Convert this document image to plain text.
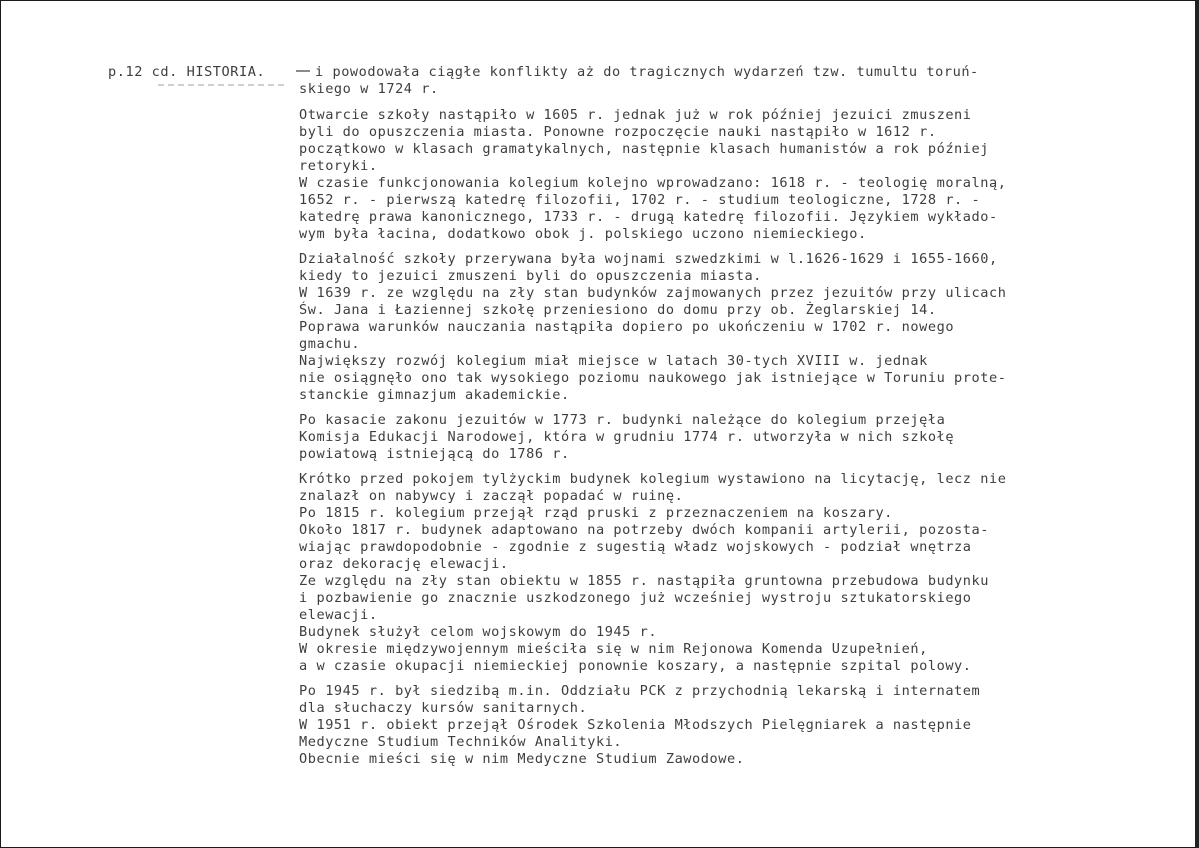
p.12 cd. HISTORIA.	i powodowała ciągłe konflikty aż do tragicznych wydarzeń tzw. tumultu toruń-
skiego w 1724 r.
Otwarcie szkoły nastąpiło w 1605 r. jednak już w rok później jezuici zmuszeni
byli do opuszczenia miasta. Ponowne rozpoczęcie nauki nastąpiło w 1612 r.
początkowo w klasach gramatykalnych, następnie klasach humanistów a rok później
retoryki.
W czasie funkcjonowania kolegium kolejno wprowadzano: 1618 r. - teologię moralną,
1652 r. - pierwszą katedrę filozofii, 1702 r. - studium teologiczne, 1728 r. -
katedrę prawa kanonicznego, 1733 r. - drugą katedrę filozofii. Językiem wykłado-
wym była łacina, dodatkowo obok j. polskiego uczono niemieckiego.
Działalność szkoły przerywana była wojnami szwedzkimi w l.1626-1629 i 1655-1660,
kiedy to jezuici zmuszeni byli do opuszczenia miasta.
W 1639 r. ze względu na zły stan budynków zajmowanych przez jezuitów przy ulicach
Św. Jana i Łaziennej szkołę przeniesiono do domu przy ob. Żeglarskiej 14.
Poprawa warunków nauczania nastąpiła dopiero po ukończeniu w 1702 r. nowego
gmachu.
Największy rozwój kolegium miał miejsce w latach 30-tych XVIII w. jednak
nie osiągnęło ono tak wysokiego poziomu naukowego jak istniejące w Toruniu prote-
stanckie gimnazjum akademickie.
Po kasacie zakonu jezuitów w 1773 r. budynki należące do kolegium przejęła
Komisja Edukacji Narodowej, która w grudniu 1774 r. utworzyła w nich szkołę
powiatową istniejącą do 1786 r.
Krótko przed pokojem tylżyckim budynek kolegium wystawiono na licytację, lecz nie
znalazł on nabywcy i zaczął popadać w ruinę.
Po 1815 r. kolegium przejął rząd pruski z przeznaczeniem na koszary.
Około 1817 r. budynek adaptowano na potrzeby dwóch kompanii artylerii, pozosta-
wiając prawdopodobnie - zgodnie z sugestią władz wojskowych - podział wnętrza
oraz dekorację elewacji.
Ze względu na zły stan obiektu w 1855 r. nastąpiła gruntowna przebudowa budynku
i pozbawienie go znacznie uszkodzonego już wcześniej wystroju sztukatorskiego
elewacji.
Budynek służył celom wojskowym do 1945 r.
W okresie międzywojennym mieściła się w nim Rejonowa Komenda Uzupełnień,
a w czasie okupacji niemieckiej ponownie koszary, a następnie szpital polowy.
Po 1945 r. był siedzibą m.in. Oddziału PCK z przychodnią lekarską i internatem
dla słuchaczy kursów sanitarnych.
W 1951 r. obiekt przejął Ośrodek Szkolenia Młodszych Pielęgniarek a następnie
Medyczne Studium Techników Analityki.
Obecnie mieści się w nim Medyczne Studium Zawodowe.
